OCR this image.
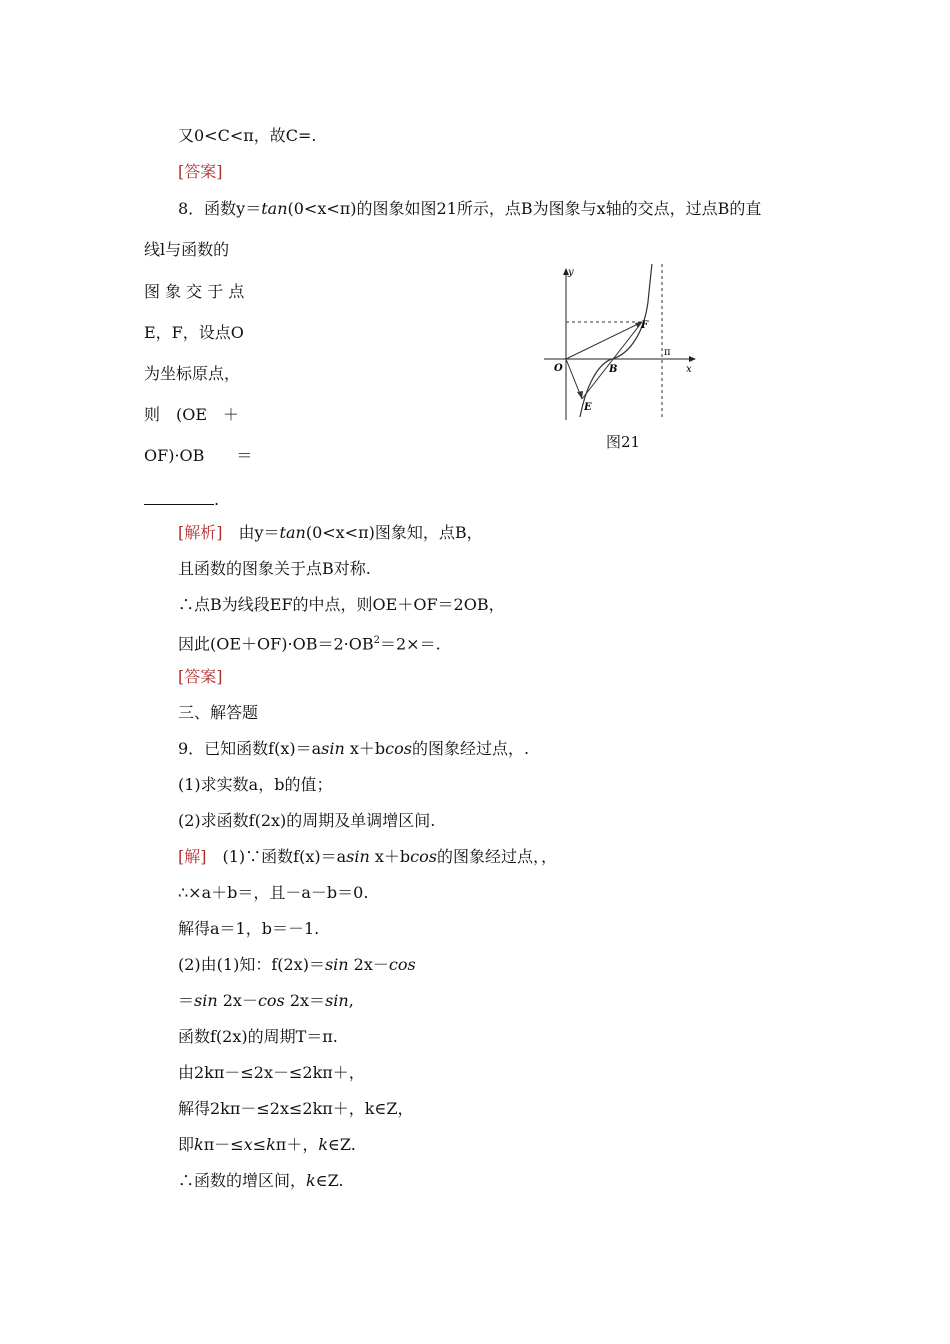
又0<C<π，故C=.
[答案]
8．函数y＝tan(0<x<π)的图象如图21所示，点B为图象与x轴的交点，过点B的直
线l与函数的
图 象 交 于 点
E，F，设点O
为坐标原点，
则　(OE　＋
OF)·OB　　＝
.
[解析]　由y＝tan(0<x<π)图象知，点B，
且函数的图象关于点B对称.
∴点B为线段EF的中点，则OE＋OF＝2OB，
因此$(OE+OF)\cdot OB=2\cdot OB^2=2\times=$.
[答案]
三、解答题
9．已知函数f(x)＝asin x＋bcos的图象经过点，.
(1)求实数a，b的值；
(2)求函数f(2x)的周期及单调增区间.
[解]　(1)∵函数f(x)＝asin x＋bcos的图象经过点，，
∴×a＋b＝，且－a－b＝0.
解得a＝1，b＝－1.
(2)由(1)知：f(2x)＝sin 2x－cos
＝sin 2x－cos 2x＝sin,
函数f(2x)的周期T＝π.
由2kπ－≤2x－≤2kπ＋，
解得2kπ－≤2x≤2kπ＋，k∈Z，
即kπ－≤x≤kπ＋，k∈Z.
∴函数的增区间，k∈Z.
y
x
O	B
E
F
π
图21
